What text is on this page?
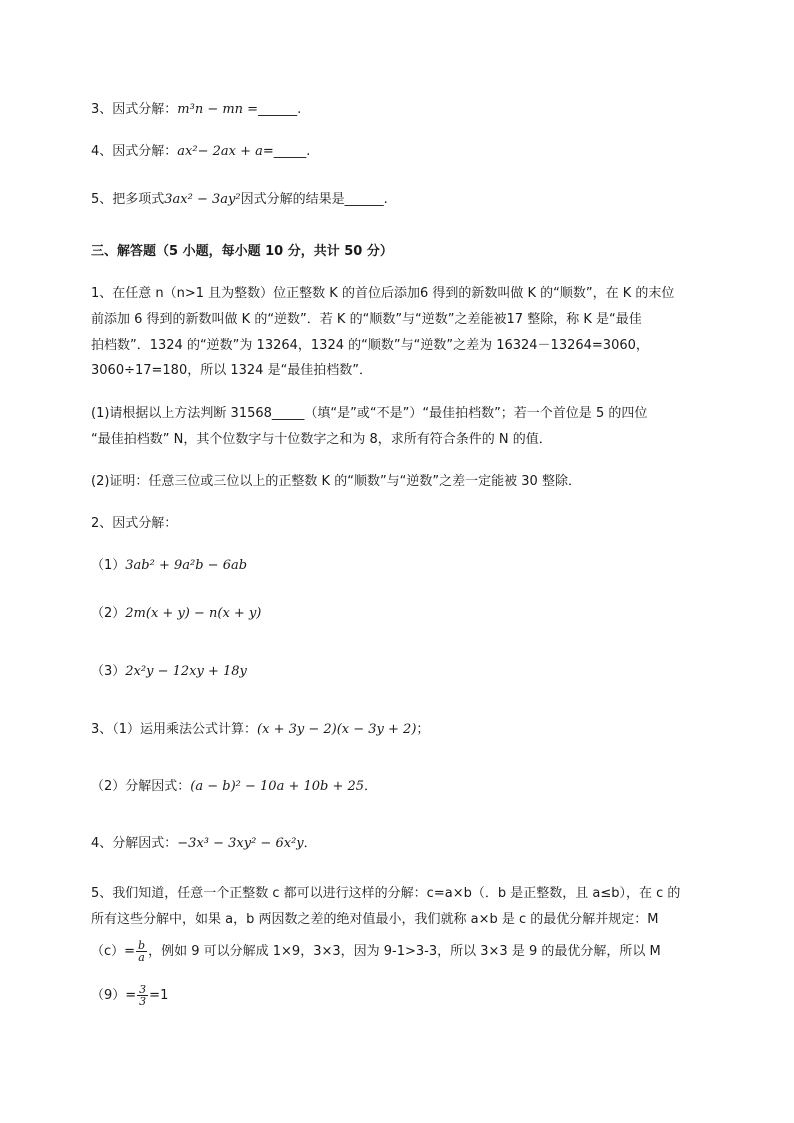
3、因式分解：m³n − mn =______.
4、因式分解：ax²− 2ax + a=_____.
5、把多项式3ax² − 3ay²因式分解的结果是______.
三、解答题（5 小题，每小题 10 分，共计 50 分）
1、在任意 n（n>1 且为整数）位正整数 K 的首位后添加6 得到的新数叫做 K 的“顺数”，在 K 的末位
前添加 6 得到的新数叫做 K 的“逆数”．若 K 的“顺数”与“逆数”之差能被17 整除，称 K 是“最佳
拍档数”．1324 的“逆数”为 13264，1324 的“顺数”与“逆数”之差为 16324－13264=3060，
3060÷17=180，所以 1324 是“最佳拍档数”．
(1)请根据以上方法判断 31568_____（填“是”或“不是”）“最佳拍档数”；若一个首位是 5 的四位
“最佳拍档数” N，其个位数字与十位数字之和为 8，求所有符合条件的 N 的值．
(2)证明：任意三位或三位以上的正整数 K 的“顺数”与“逆数”之差一定能被 30 整除．
2、因式分解：
（1）3ab² + 9a²b − 6ab
（2）2m(x + y) − n(x + y)
（3）2x²y − 12xy + 18y
3、（1）运用乘法公式计算：(x + 3y − 2)(x − 3y + 2)；
（2）分解因式：(a − b)² − 10a + 10b + 25．
4、分解因式：−3x³ − 3xy² − 6x²y．
5、我们知道，任意一个正整数 c 都可以进行这样的分解：c=a×b（．b 是正整数，且 a≤b），在 c 的
所有这些分解中，如果 a，b 两因数之差的绝对值最小，我们就称 a×b 是 c 的最优分解并规定：M
$(c)= \frac{b}{a}$ ，例如 9 可以分解成 1×9，3×3，因为 9-1>3-3，所以 3×3 是 9 的最优分解，所以 M
$(9)= \frac{3}{3} =1$
